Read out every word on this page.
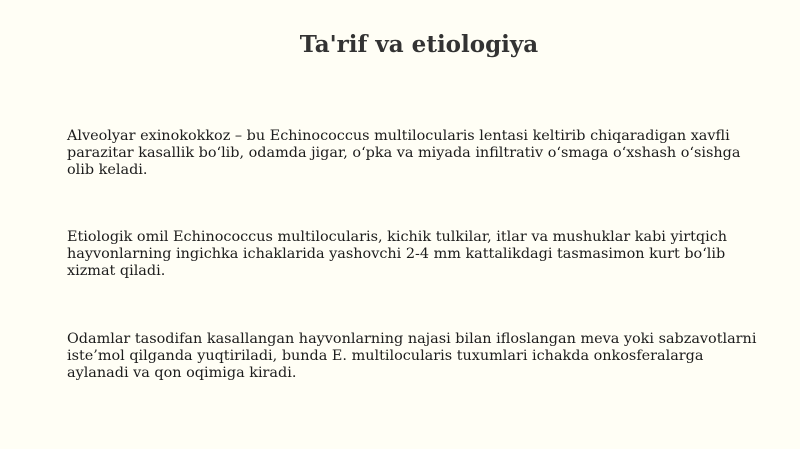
Ta'rif va etiologiya

Alveolyar exinokokkoz – bu Echinococcus multilocularis lentasi keltirib chiqaradigan xavfli parazitar kasallik bo‘lib, odamda jigar, o‘pka va miyada infiltrativ o‘smaga o‘xshash o‘sishga olib keladi.

Etiologik omil Echinococcus multilocularis, kichik tulkilar, itlar va mushuklar kabi yirtqich hayvonlarning ingichka ichaklarida yashovchi 2-4 mm kattalikdagi tasmasimon kurt bo‘lib xizmat qiladi.

Odamlar tasodifan kasallangan hayvonlarning najasi bilan ifloslangan meva yoki sabzavotlarni iste’mol qilganda yuqtiriladi, bunda E. multilocularis tuxumlari ichakda onkosferalarga aylanadi va qon oqimiga kiradi.
